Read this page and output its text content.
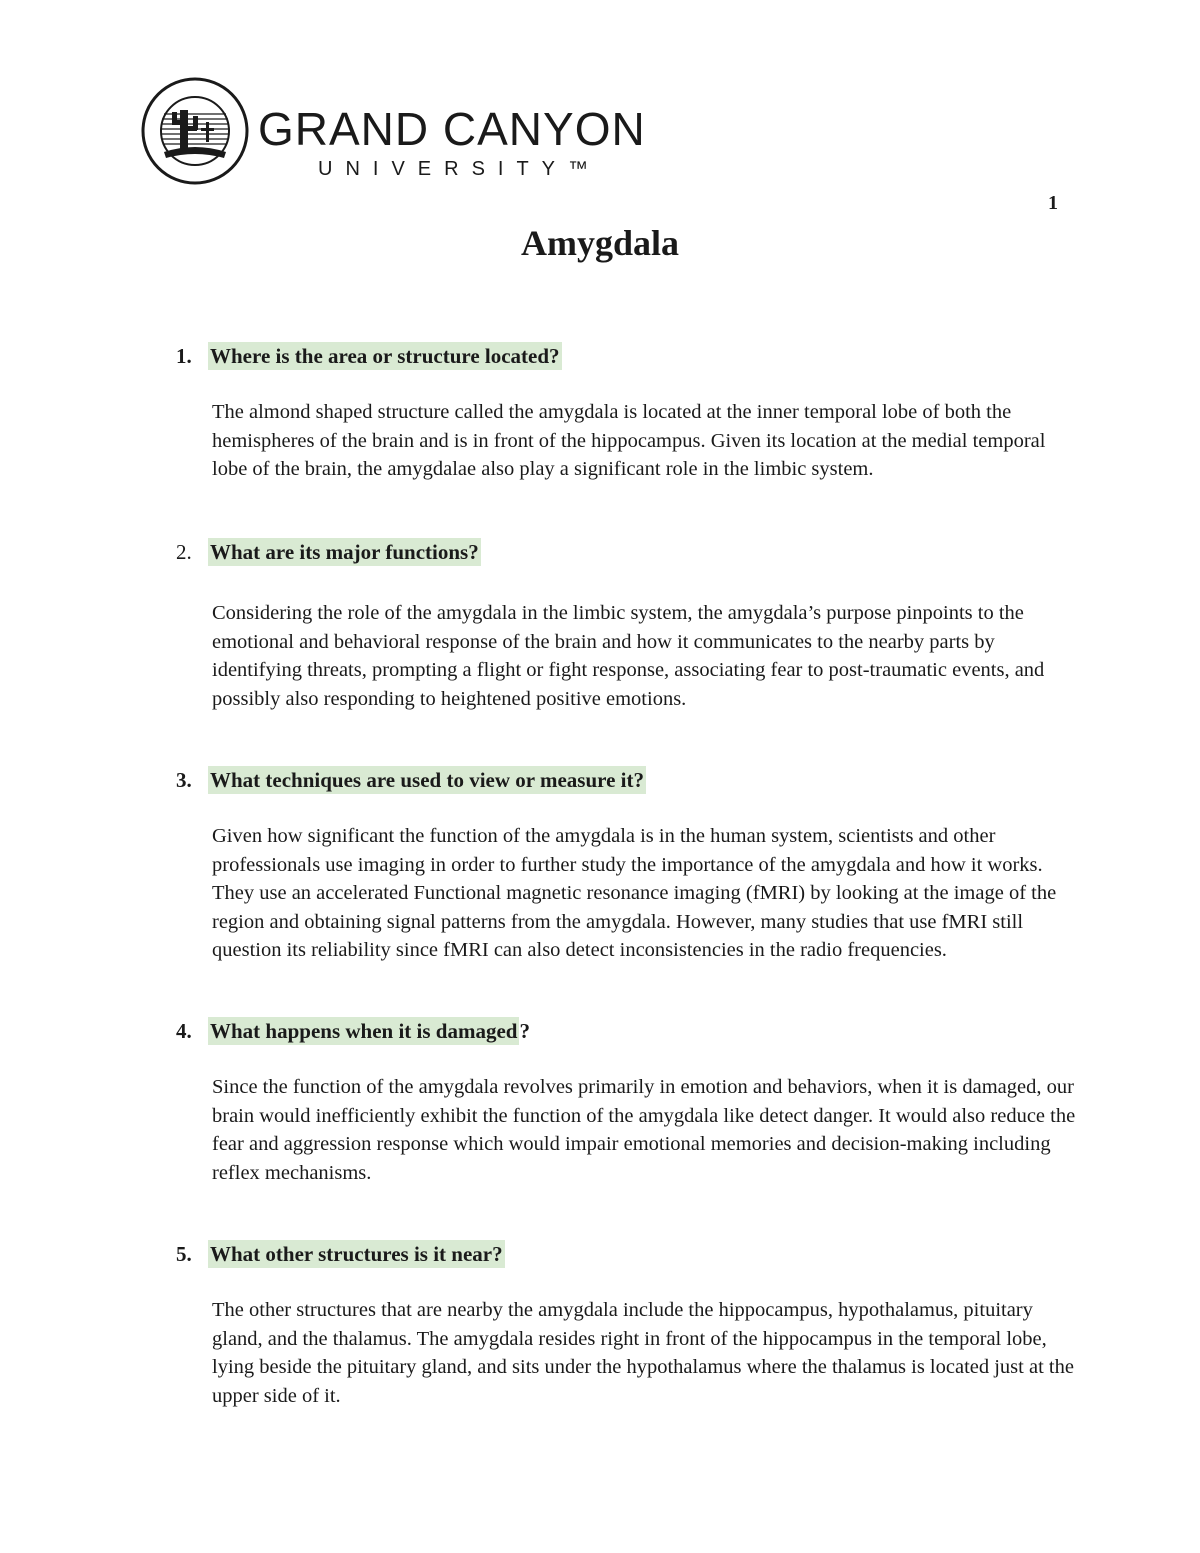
GRAND CANYON
UNIVERSITY™
1
Amygdala
1. Where is the area or structure located?
The almond shaped structure called the amygdala is located at the inner temporal lobe of both the hemispheres of the brain and is in front of the hippocampus. Given its location at the medial temporal lobe of the brain, the amygdalae also play a significant role in the limbic system.
2. What are its major functions?
Considering the role of the amygdala in the limbic system, the amygdala’s purpose pinpoints to the emotional and behavioral response of the brain and how it communicates to the nearby parts by identifying threats, prompting a flight or fight response, associating fear to post-traumatic events, and possibly also responding to heightened positive emotions.
3. What techniques are used to view or measure it?
Given how significant the function of the amygdala is in the human system, scientists and other professionals use imaging in order to further study the importance of the amygdala and how it works. They use an accelerated Functional magnetic resonance imaging (fMRI) by looking at the image of the region and obtaining signal patterns from the amygdala. However, many studies that use fMRI still question its reliability since fMRI can also detect inconsistencies in the radio frequencies.
4. What happens when it is damaged?
Since the function of the amygdala revolves primarily in emotion and behaviors, when it is damaged, our brain would inefficiently exhibit the function of the amygdala like detect danger. It would also reduce the fear and aggression response which would impair emotional memories and decision-making including reflex mechanisms.
5. What other structures is it near?
The other structures that are nearby the amygdala include the hippocampus, hypothalamus, pituitary gland, and the thalamus. The amygdala resides right in front of the hippocampus in the temporal lobe, lying beside the pituitary gland, and sits under the hypothalamus where the thalamus is located just at the upper side of it.
